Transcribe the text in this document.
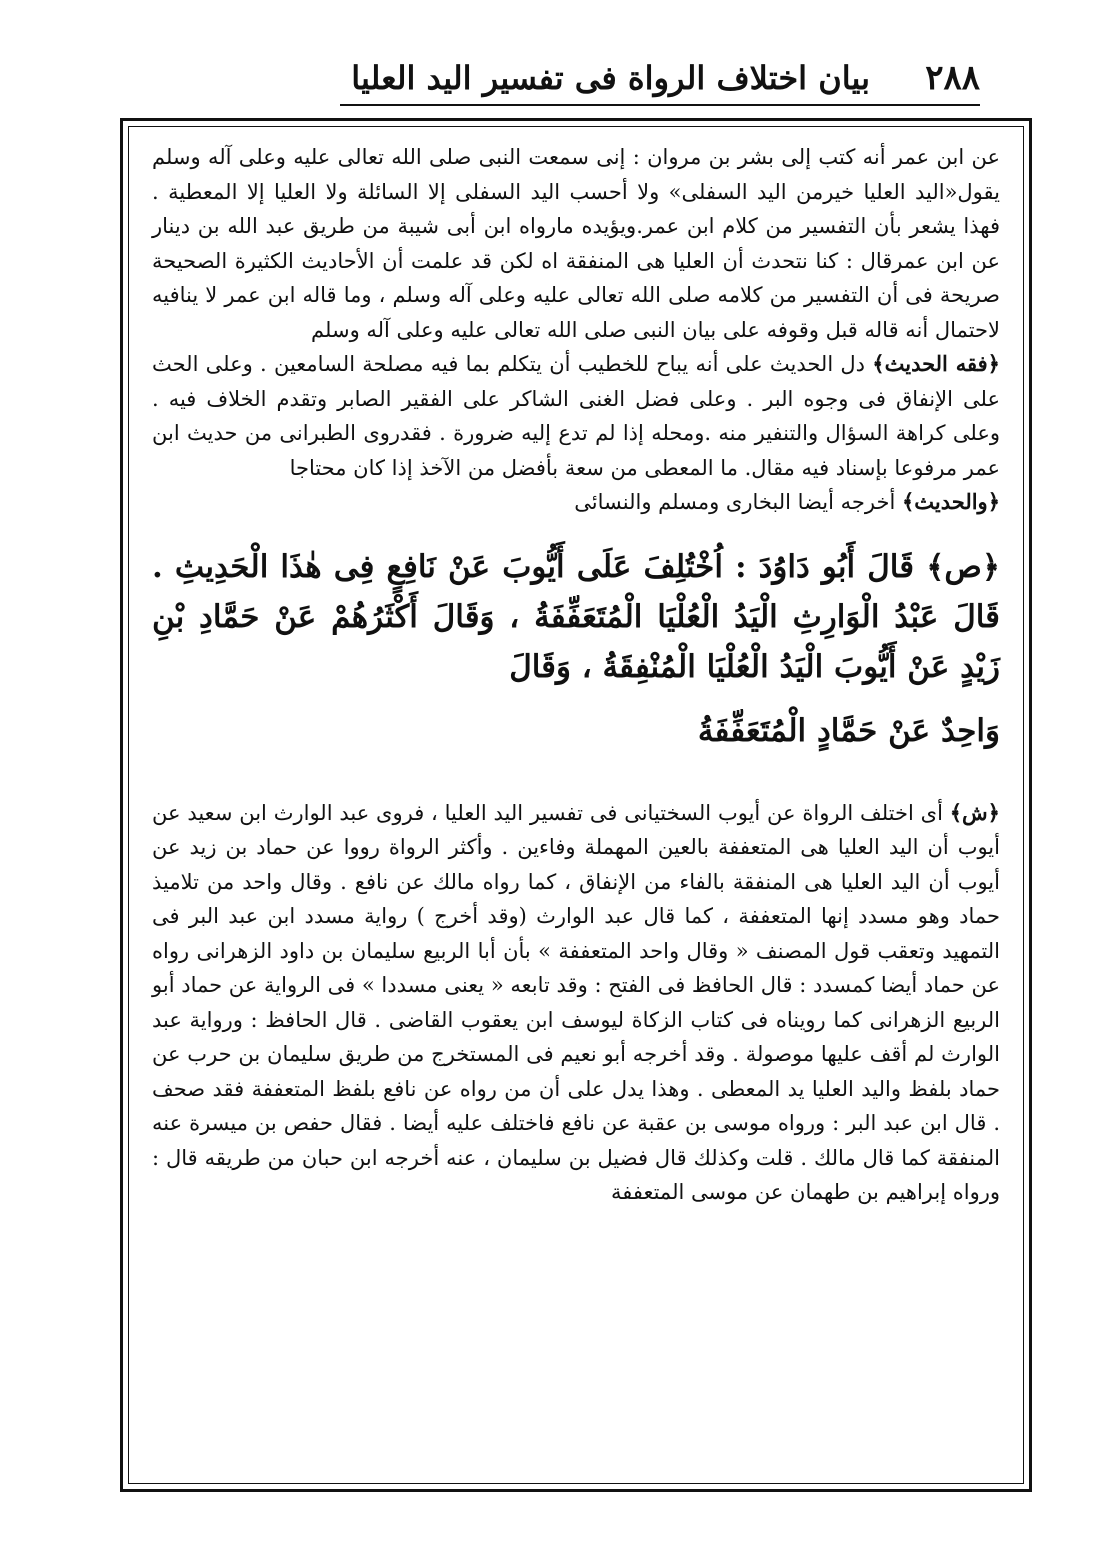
٢٨٨
بيان اختلاف الرواة فى تفسير اليد العليا

عن ابن عمر أنه كتب إلى بشر بن مروان : إنى سمعت النبى صلى الله تعالى عليه وعلى آله وسلم يقول«اليد العليا خيرمن اليد السفلى» ولا أحسب اليد السفلى إلا السائلة ولا العليا إلا المعطية . فهذا يشعر بأن التفسير من كلام ابن عمر.ويؤيده مارواه ابن أبى شيبة من طريق عبد الله بن دينار عن ابن عمرقال : كنا نتحدث أن العليا هى المنفقة اه لكن قد علمت أن الأحاديث الكثيرة الصحيحة صريحة فى أن التفسير من كلامه صلى الله تعالى عليه وعلى آله وسلم ، وما قاله ابن عمر لا ينافيه لاحتمال أنه قاله قبل وقوفه على بيان النبى صلى الله تعالى عليه وعلى آله وسلم

﴿فقه الحديث﴾ دل الحديث على أنه يباح للخطيب أن يتكلم بما فيه مصلحة السامعين . وعلى الحث على الإنفاق فى وجوه البر . وعلى فضل الغنى الشاكر على الفقير الصابر وتقدم الخلاف فيه . وعلى كراهة السؤال والتنفير منه .ومحله إذا لم تدع إليه ضرورة . فقدروى الطبرانى من حديث ابن عمر مرفوعا بإسناد فيه مقال. ما المعطى من سعة بأفضل من الآخذ إذا كان محتاجا

﴿والحديث﴾ أخرجه أيضا البخارى ومسلم والنسائى

﴿ص﴾ قَالَ أَبُو دَاوُدَ : اُخْتُلِفَ عَلَى أَيُّوبَ عَنْ نَافِعٍ فِى هٰذَا الْحَدِيثِ . قَالَ عَبْدُ الْوَارِثِ الْيَدُ الْعُلْيَا الْمُتَعَفِّفَةُ ، وَقَالَ أَكْثَرُهُمْ عَنْ حَمَّادِ بْنِ زَيْدٍ عَنْ أَيُّوبَ الْيَدُ الْعُلْيَا الْمُنْفِقَةُ ، وَقَالَ

وَاحِدٌ عَنْ حَمَّادٍ الْمُتَعَفِّفَةُ

﴿ش﴾ أى اختلف الرواة عن أيوب السختيانى فى تفسير اليد العليا ، فروى عبد الوارث ابن سعيد عن أيوب أن اليد العليا هى المتعففة بالعين المهملة وفاءين . وأكثر الرواة رووا عن حماد بن زيد عن أيوب أن اليد العليا هى المنفقة بالفاء من الإنفاق ، كما رواه مالك عن نافع . وقال واحد من تلاميذ حماد وهو مسدد إنها المتعففة ، كما قال عبد الوارث (وقد أخرج ) رواية مسدد ابن عبد البر فى التمهيد وتعقب قول المصنف « وقال واحد المتعففة » بأن أبا الربيع سليمان بن داود الزهرانى رواه عن حماد أيضا كمسدد : قال الحافظ فى الفتح : وقد تابعه « يعنى مسددا » فى الرواية عن حماد أبو الربيع الزهرانى كما رويناه فى كتاب الزكاة ليوسف ابن يعقوب القاضى . قال الحافظ : ورواية عبد الوارث لم أقف عليها موصولة . وقد أخرجه أبو نعيم فى المستخرج من طريق سليمان بن حرب عن حماد بلفظ واليد العليا يد المعطى . وهذا يدل على أن من رواه عن نافع بلفظ المتعففة فقد صحف . قال ابن عبد البر : ورواه موسى بن عقبة عن نافع فاختلف عليه أيضا . فقال حفص بن ميسرة عنه المنفقة كما قال مالك . قلت وكذلك قال فضيل بن سليمان ، عنه أخرجه ابن حبان من طريقه قال : ورواه إبراهيم بن طهمان عن موسى المتعففة
